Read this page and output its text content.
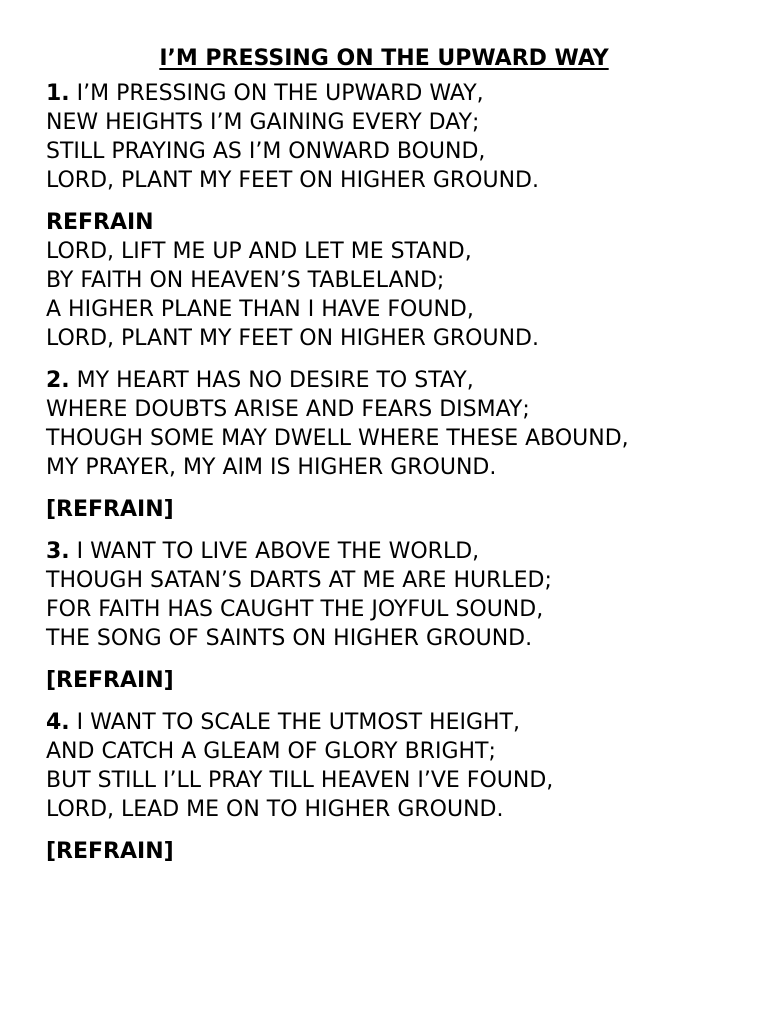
I’M PRESSING ON THE UPWARD WAY
1. I’M PRESSING ON THE UPWARD WAY,
NEW HEIGHTS I’M GAINING EVERY DAY;
STILL PRAYING AS I’M ONWARD BOUND,
LORD, PLANT MY FEET ON HIGHER GROUND.
REFRAIN
LORD, LIFT ME UP AND LET ME STAND,
BY FAITH ON HEAVEN’S TABLELAND;
A HIGHER PLANE THAN I HAVE FOUND,
LORD, PLANT MY FEET ON HIGHER GROUND.
2. MY HEART HAS NO DESIRE TO STAY,
WHERE DOUBTS ARISE AND FEARS DISMAY;
THOUGH SOME MAY DWELL WHERE THESE ABOUND,
MY PRAYER, MY AIM IS HIGHER GROUND.
[REFRAIN]
3. I WANT TO LIVE ABOVE THE WORLD,
THOUGH SATAN’S DARTS AT ME ARE HURLED;
FOR FAITH HAS CAUGHT THE JOYFUL SOUND,
THE SONG OF SAINTS ON HIGHER GROUND.
[REFRAIN]
4. I WANT TO SCALE THE UTMOST HEIGHT,
AND CATCH A GLEAM OF GLORY BRIGHT;
BUT STILL I’LL PRAY TILL HEAVEN I’VE FOUND,
LORD, LEAD ME ON TO HIGHER GROUND.
[REFRAIN]
